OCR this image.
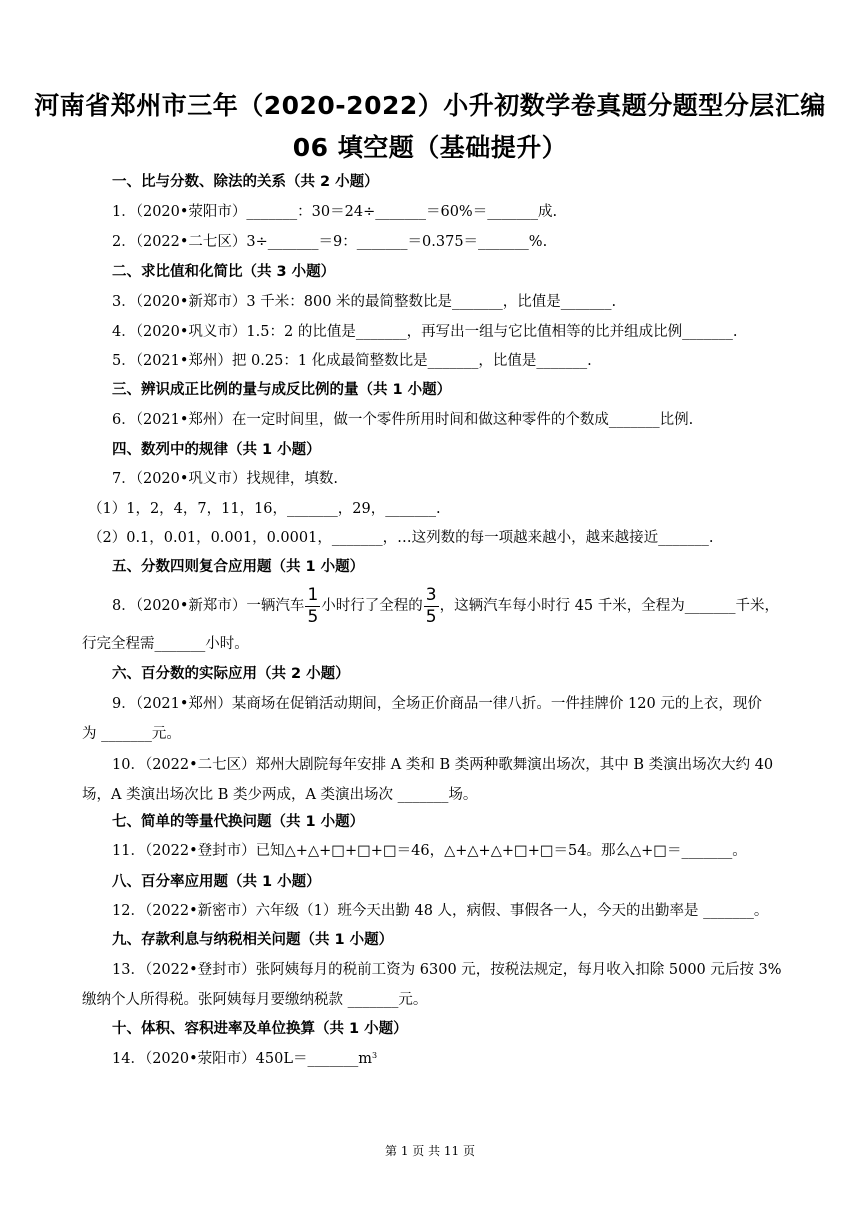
河南省郑州市三年（2020-2022）小升初数学卷真题分题型分层汇编
06 填空题（基础提升）
一、比与分数、除法的关系（共 2 小题）
1．（2020•荥阳市）_______：30＝24÷_______＝60%＝_______成.
2．（2022•二七区）3÷_______＝9：_______＝0.375＝_______%.
二、求比值和化简比（共 3 小题）
3．（2020•新郑市）3 千米：800 米的最简整数比是_______，比值是_______.
4．（2020•巩义市）1.5：2 的比值是_______，再写出一组与它比值相等的比并组成比例_______.
5．（2021•郑州）把 0.25：1 化成最简整数比是_______，比值是_______.
三、辨识成正比例的量与成反比例的量（共 1 小题）
6．（2021•郑州）在一定时间里，做一个零件所用时间和做这种零件的个数成_______比例.
四、数列中的规律（共 1 小题）
7．（2020•巩义市）找规律，填数.
（1）1，2，4，7，11，16，_______，29，_______.
（2）0.1，0.01，0.001，0.0001，_______，…这列数的每一项越来越小，越来越接近_______.
五、分数四则复合应用题（共 1 小题）
8．（2020•新郑市）一辆汽车 $\frac{1}{5}$ 小时行了全程的 $\frac{3}{5}$ ，这辆汽车每小时行 45 千米，全程为_______千米，
行完全程需_______小时。
六、百分数的实际应用（共 2 小题）
9．（2021•郑州）某商场在促销活动期间，全场正价商品一律八折。一件挂牌价 120 元的上衣，现价
为 _______元。
10．（2022•二七区）郑州大剧院每年安排 A 类和 B 类两种歌舞演出场次，其中 B 类演出场次大约 40
场，A 类演出场次比 B 类少两成，A 类演出场次 _______场。
七、简单的等量代换问题（共 1 小题）
11．（2022•登封市）已知△+△+□+□+□＝46，△+△+△+□+□＝54。那么△+□＝_______。
八、百分率应用题（共 1 小题）
12．（2022•新密市）六年级（1）班今天出勤 48 人，病假、事假各一人，今天的出勤率是 _______。
九、存款利息与纳税相关问题（共 1 小题）
13．（2022•登封市）张阿姨每月的税前工资为 6300 元，按税法规定，每月收入扣除 5000 元后按 3%
缴纳个人所得税。张阿姨每月要缴纳税款 _______元。
十、体积、容积进率及单位换算（共 1 小题）
14．（2020•荥阳市）$450L=\_\_\_\_\_\_\_m^3$
第 1 页 共 11 页
